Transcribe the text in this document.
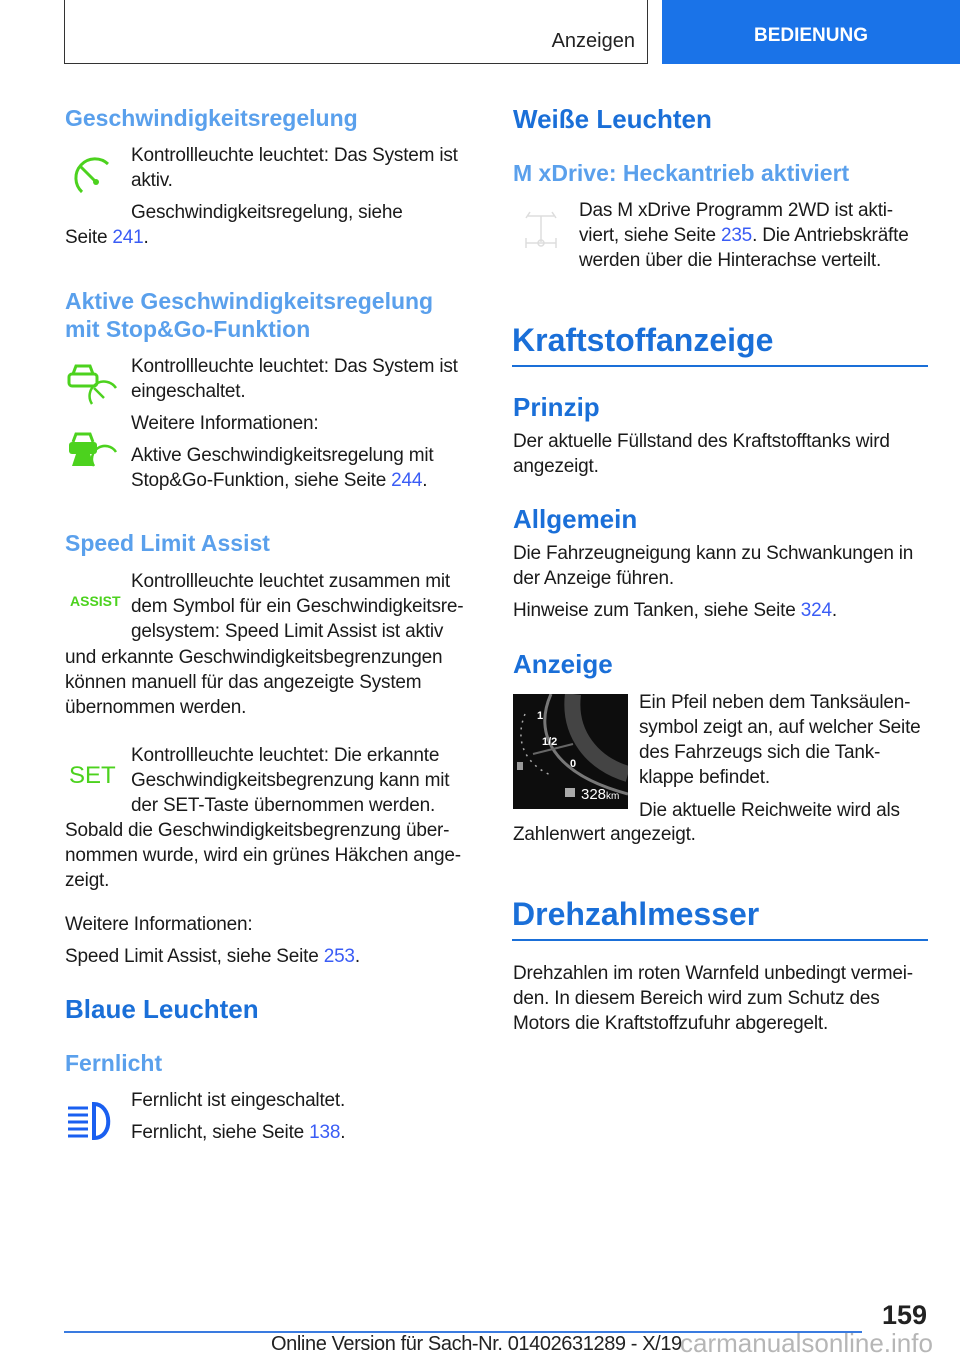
Anzeigen	BEDIENUNG
Geschwindigkeitsregelung
Kontrollleuchte leuchtet: Das System ist aktiv.
Geschwindigkeitsregelung, siehe
Seite 241.
Aktive Geschwindigkeitsregelung
mit Stop&Go-Funktion
Kontrollleuchte leuchtet: Das System ist eingeschaltet.
Weitere Informationen:
Aktive Geschwindigkeitsregelung mit Stop&Go-Funktion, siehe Seite 244.
Speed Limit Assist
ASSIST
Kontrollleuchte leuchtet zusammen mit dem Symbol für ein Geschwindigkeitsre-gelsystem: Speed Limit Assist ist aktiv
und erkannte Geschwindigkeitsbegrenzungen können manuell für das angezeigte System übernommen werden.
SET
Kontrollleuchte leuchtet: Die erkannte Geschwindigkeitsbegrenzung kann mit der SET-Taste übernommen werden.
Sobald die Geschwindigkeitsbegrenzung über-nommen wurde, wird ein grünes Häkchen ange-zeigt.
Weitere Informationen:
Speed Limit Assist, siehe Seite 253.
Blaue Leuchten
Fernlicht
Fernlicht ist eingeschaltet.
Fernlicht, siehe Seite 138.
Weiße Leuchten
M xDrive: Heckantrieb aktiviert
Das M xDrive Programm 2WD ist akti-viert, siehe Seite 235. Die Antriebskräfte werden über die Hinterachse verteilt.
Kraftstoffanzeige
Prinzip
Der aktuelle Füllstand des Kraftstofftanks wird angezeigt.
Allgemein
Die Fahrzeugneigung kann zu Schwankungen in der Anzeige führen.
Hinweise zum Tanken, siehe Seite 324.
Anzeige
1
1/2
0
328km
Ein Pfeil neben dem Tanksäulen-symbol zeigt an, auf welcher Seite des Fahrzeugs sich die Tank-klappe befindet.
Die aktuelle Reichweite wird als
Zahlenwert angezeigt.
Drehzahlmesser
Drehzahlen im roten Warnfeld unbedingt vermei-den. In diesem Bereich wird zum Schutz des Motors die Kraftstoffzufuhr abgeregelt.
159
Online Version für Sach-Nr. 01402631289 - X/19
carmanualsonline.info
